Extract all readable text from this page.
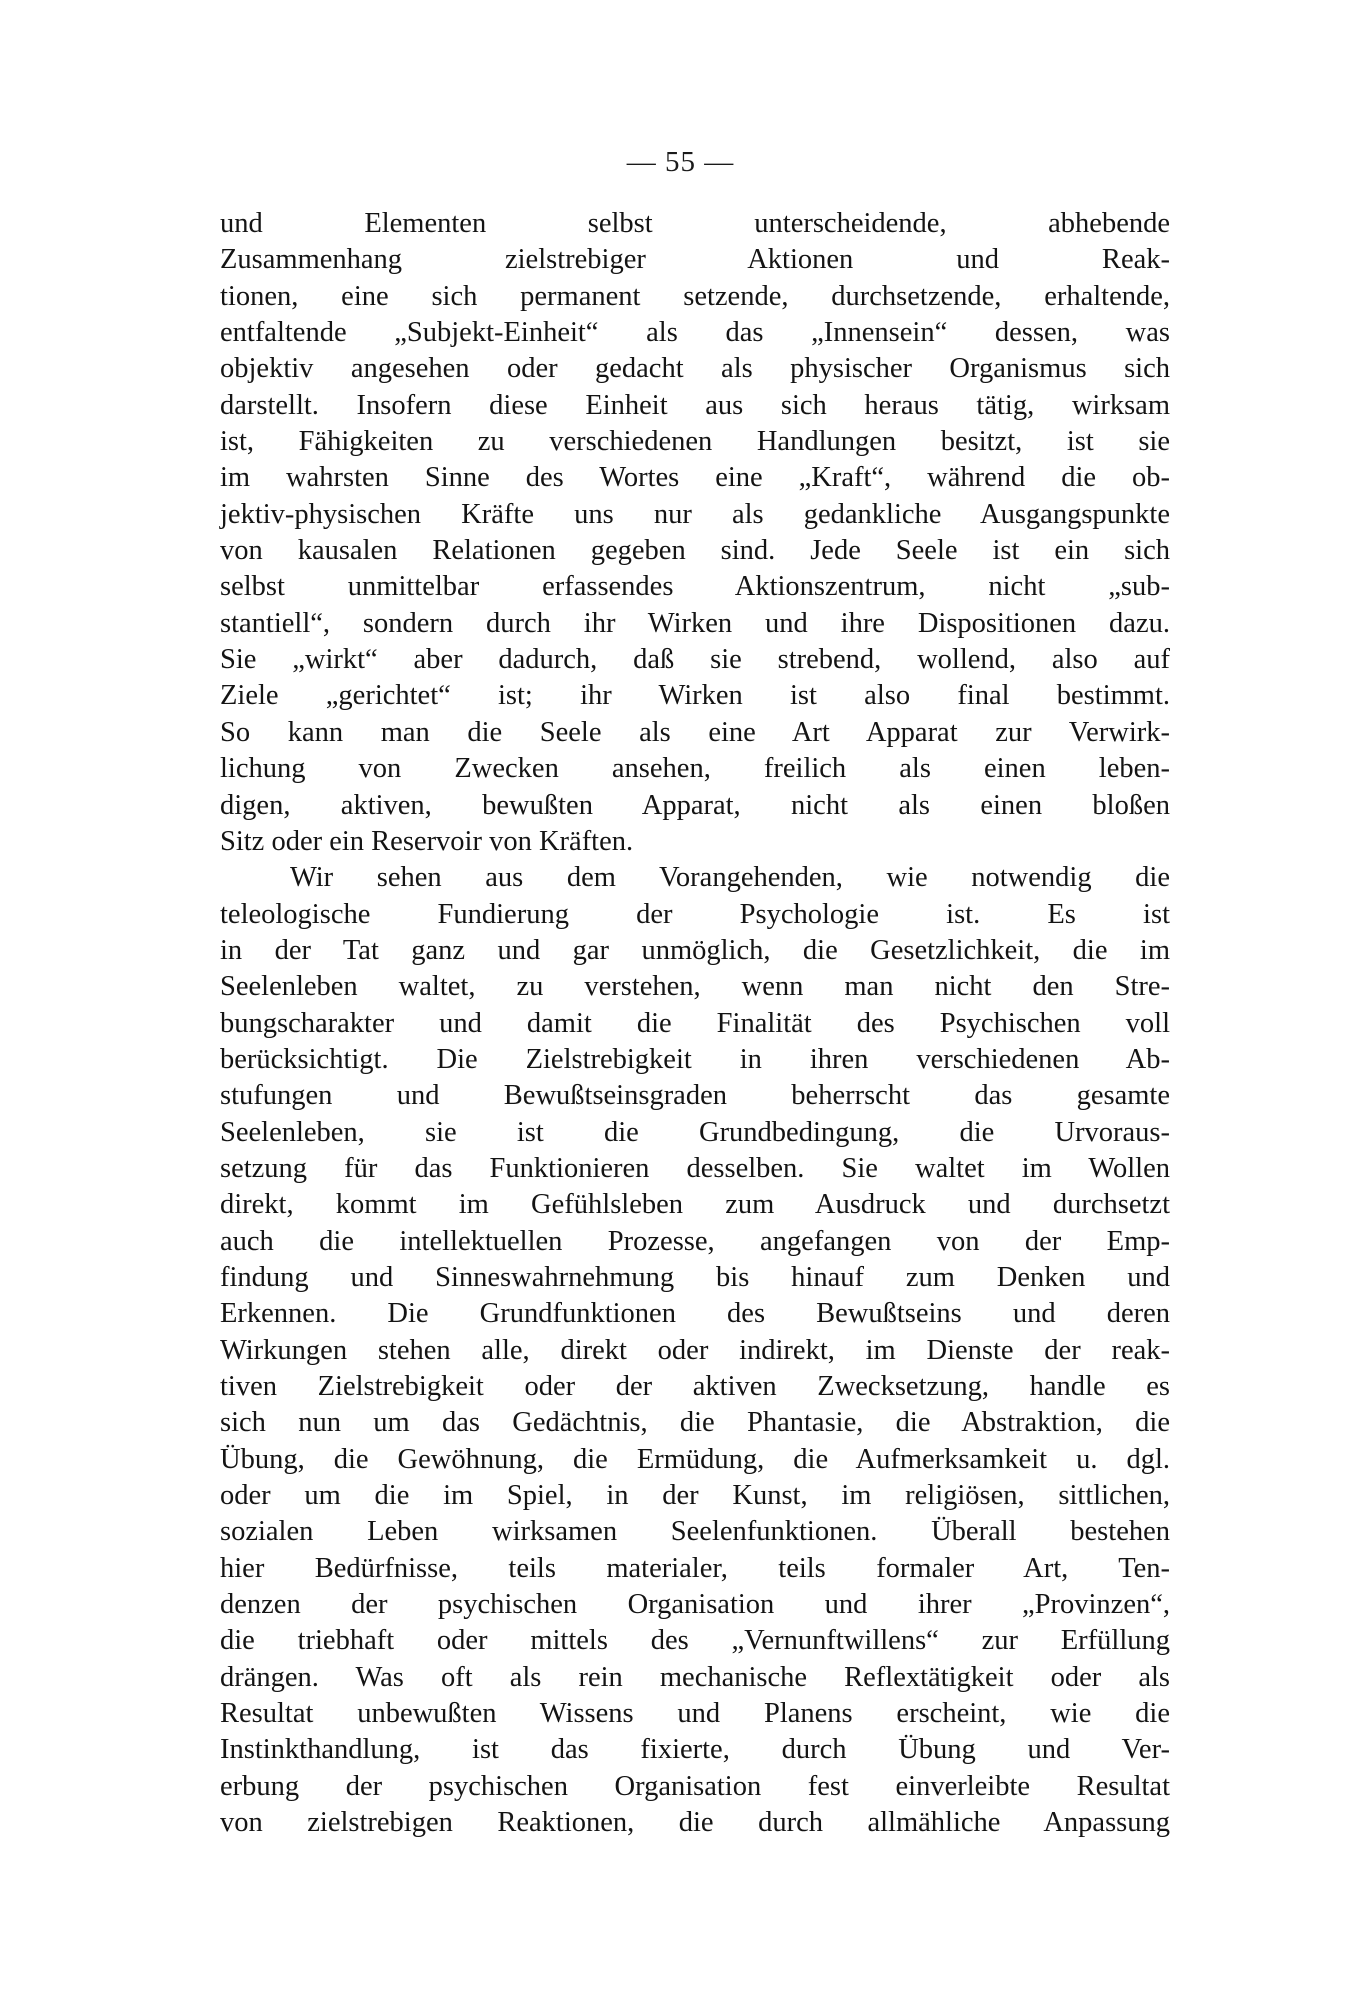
— 55 —
und Elementen selbst unterscheidende, abhebende
Zusammenhang zielstrebiger Aktionen und Reak-
tionen, eine sich permanent setzende, durchsetzende, erhaltende,
entfaltende „Subjekt-Einheit“ als das „Innensein“ dessen, was
objektiv angesehen oder gedacht als physischer Organismus sich
darstellt. Insofern diese Einheit aus sich heraus tätig, wirksam
ist, Fähigkeiten zu verschiedenen Handlungen besitzt, ist sie
im wahrsten Sinne des Wortes eine „Kraft“, während die ob-
jektiv-physischen Kräfte uns nur als gedankliche Ausgangspunkte
von kausalen Relationen gegeben sind. Jede Seele ist ein sich
selbst unmittelbar erfassendes Aktionszentrum, nicht „sub-
stantiell“, sondern durch ihr Wirken und ihre Dispositionen dazu.
Sie „wirkt“ aber dadurch, daß sie strebend, wollend, also auf
Ziele „gerichtet“ ist; ihr Wirken ist also final bestimmt.
So kann man die Seele als eine Art Apparat zur Verwirk-
lichung von Zwecken ansehen, freilich als einen leben-
digen, aktiven, bewußten Apparat, nicht als einen bloßen
Sitz oder ein Reservoir von Kräften.
Wir sehen aus dem Vorangehenden, wie notwendig die
teleologische Fundierung der Psychologie ist. Es ist
in der Tat ganz und gar unmöglich, die Gesetzlichkeit, die im
Seelenleben waltet, zu verstehen, wenn man nicht den Stre-
bungscharakter und damit die Finalität des Psychischen voll
berücksichtigt. Die Zielstrebigkeit in ihren verschiedenen Ab-
stufungen und Bewußtseinsgraden beherrscht das gesamte
Seelenleben, sie ist die Grundbedingung, die Urvoraus-
setzung für das Funktionieren desselben. Sie waltet im Wollen
direkt, kommt im Gefühlsleben zum Ausdruck und durchsetzt
auch die intellektuellen Prozesse, angefangen von der Emp-
findung und Sinneswahrnehmung bis hinauf zum Denken und
Erkennen. Die Grundfunktionen des Bewußtseins und deren
Wirkungen stehen alle, direkt oder indirekt, im Dienste der reak-
tiven Zielstrebigkeit oder der aktiven Zwecksetzung, handle es
sich nun um das Gedächtnis, die Phantasie, die Abstraktion, die
Übung, die Gewöhnung, die Ermüdung, die Aufmerksamkeit u. dgl.
oder um die im Spiel, in der Kunst, im religiösen, sittlichen,
sozialen Leben wirksamen Seelenfunktionen. Überall bestehen
hier Bedürfnisse, teils materialer, teils formaler Art, Ten-
denzen der psychischen Organisation und ihrer „Provinzen“,
die triebhaft oder mittels des „Vernunftwillens“ zur Erfüllung
drängen. Was oft als rein mechanische Reflextätigkeit oder als
Resultat unbewußten Wissens und Planens erscheint, wie die
Instinkthandlung, ist das fixierte, durch Übung und Ver-
erbung der psychischen Organisation fest einverleibte Resultat
von zielstrebigen Reaktionen, die durch allmähliche Anpassung
